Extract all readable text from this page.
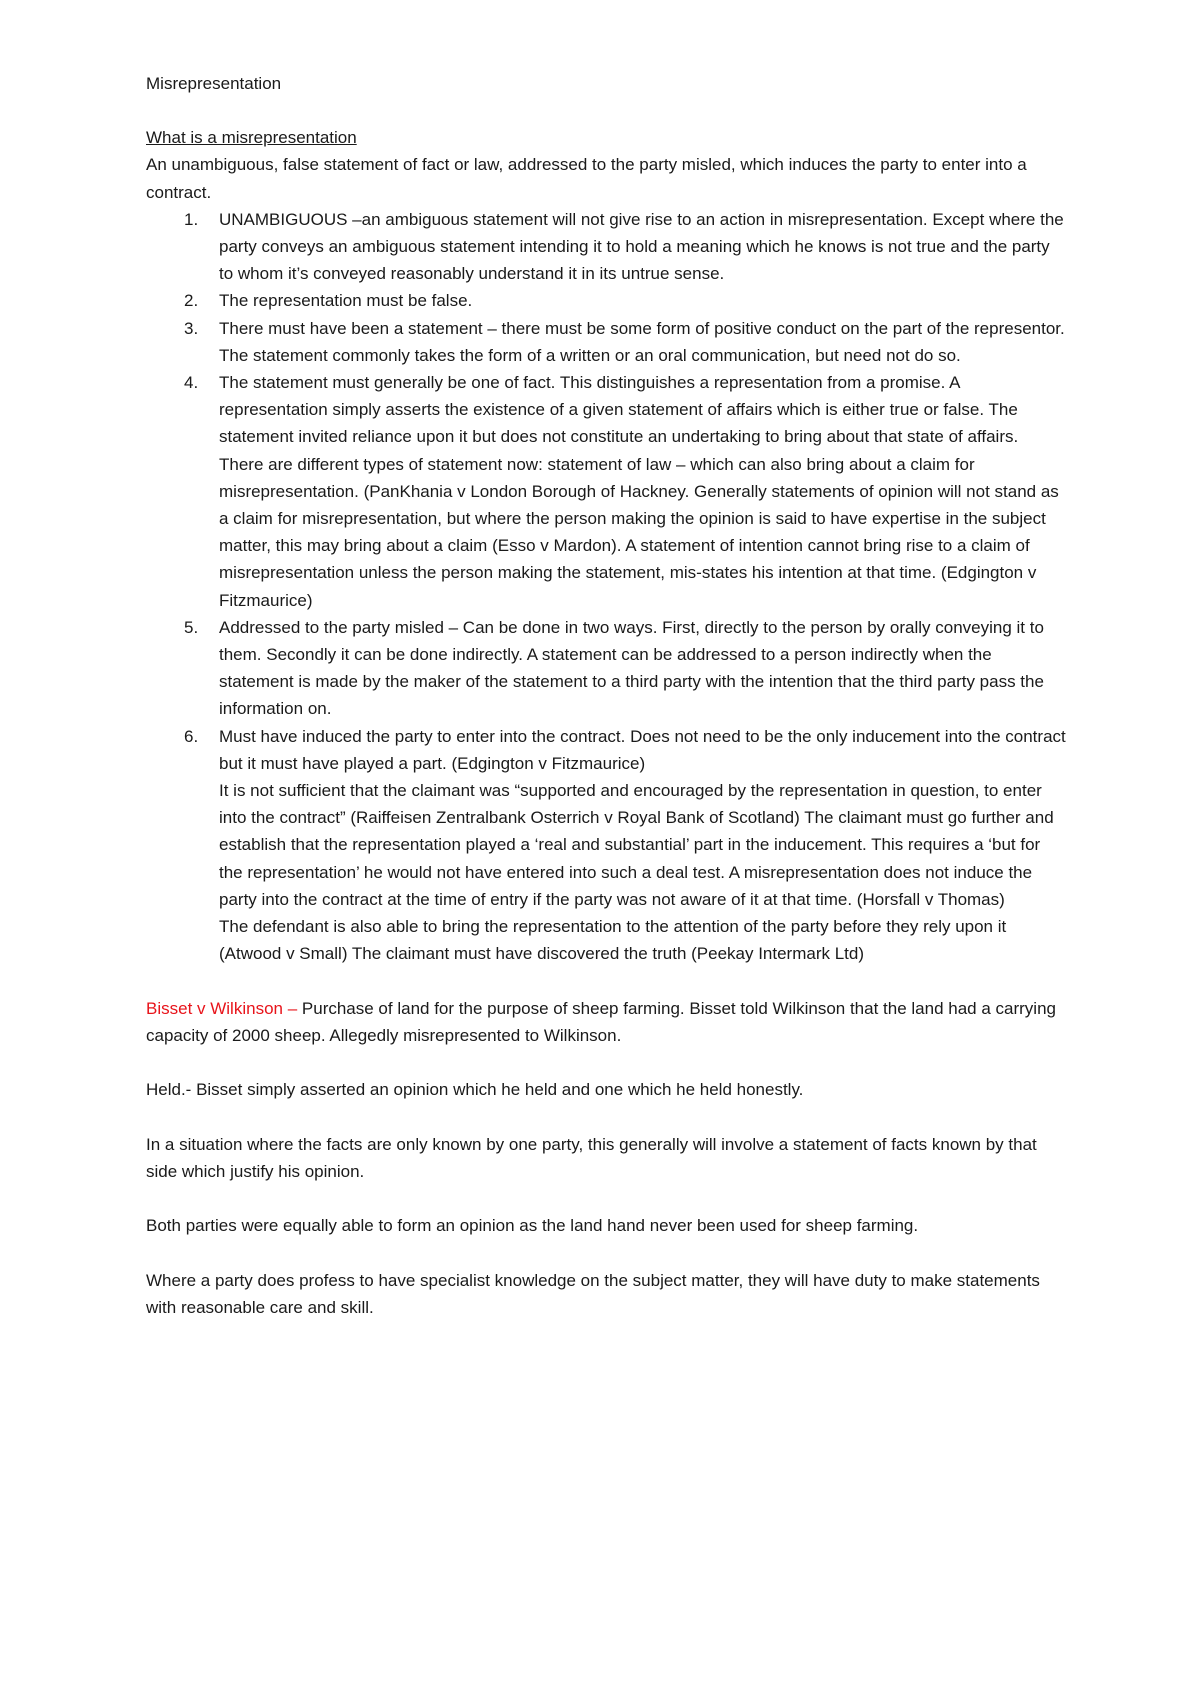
Misrepresentation
What is a misrepresentation

An unambiguous, false statement of fact or law, addressed to the party misled, which induces the party to enter into a contract.

1. UNAMBIGUOUS –an ambiguous statement will not give rise to an action in misrepresentation. Except where the party conveys an ambiguous statement intending it to hold a meaning which he knows is not true and the party to whom it’s conveyed reasonably understand it in its untrue sense.
2. The representation must be false.
3. There must have been a statement – there must be some form of positive conduct on the part of the representor. The statement commonly takes the form of a written or an oral communication, but need not do so.
4. The statement must generally be one of fact. This distinguishes a representation from a promise. A representation simply asserts the existence of a given statement of affairs which is either true or false. The statement invited reliance upon it but does not constitute an undertaking to bring about that state of affairs. There are different types of statement now: statement of law – which can also bring about a claim for misrepresentation. (PanKhania v London Borough of Hackney. Generally statements of opinion will not stand as a claim for misrepresentation, but where the person making the opinion is said to have expertise in the subject matter, this may bring about a claim (Esso v Mardon). A statement of intention cannot bring rise to a claim of misrepresentation unless the person making the statement, mis-states his intention at that time. (Edgington v Fitzmaurice)
5. Addressed to the party misled – Can be done in two ways. First, directly to the person by orally conveying it to them. Secondly it can be done indirectly. A statement can be addressed to a person indirectly when the statement is made by the maker of the statement to a third party with the intention that the third party pass the information on.
6. Must have induced the party to enter into the contract. Does not need to be the only inducement into the contract but it must have played a part. (Edgington v Fitzmaurice)
It is not sufficient that the claimant was “supported and encouraged by the representation in question, to enter into the contract” (Raiffeisen Zentralbank Osterrich v Royal Bank of Scotland) The claimant must go further and establish that the representation played a ‘real and substantial’ part in the inducement. This requires a ‘but for the representation’ he would not have entered into such a deal test. A misrepresentation does not induce the party into the contract at the time of entry if the party was not aware of it at that time. (Horsfall v Thomas)
The defendant is also able to bring the representation to the attention of the party before they rely upon it (Atwood v Small) The claimant must have discovered the truth (Peekay Intermark Ltd)

Bisset v Wilkinson – Purchase of land for the purpose of sheep farming. Bisset told Wilkinson that the land had a carrying capacity of 2000 sheep. Allegedly misrepresented to Wilkinson.

Held.- Bisset simply asserted an opinion which he held and one which he held honestly.

In a situation where the facts are only known by one party, this generally will involve a statement of facts known by that side which justify his opinion.

Both parties were equally able to form an opinion as the land hand never been used for sheep farming.

Where a party does profess to have specialist knowledge on the subject matter, they will have duty to make statements with reasonable care and skill.
